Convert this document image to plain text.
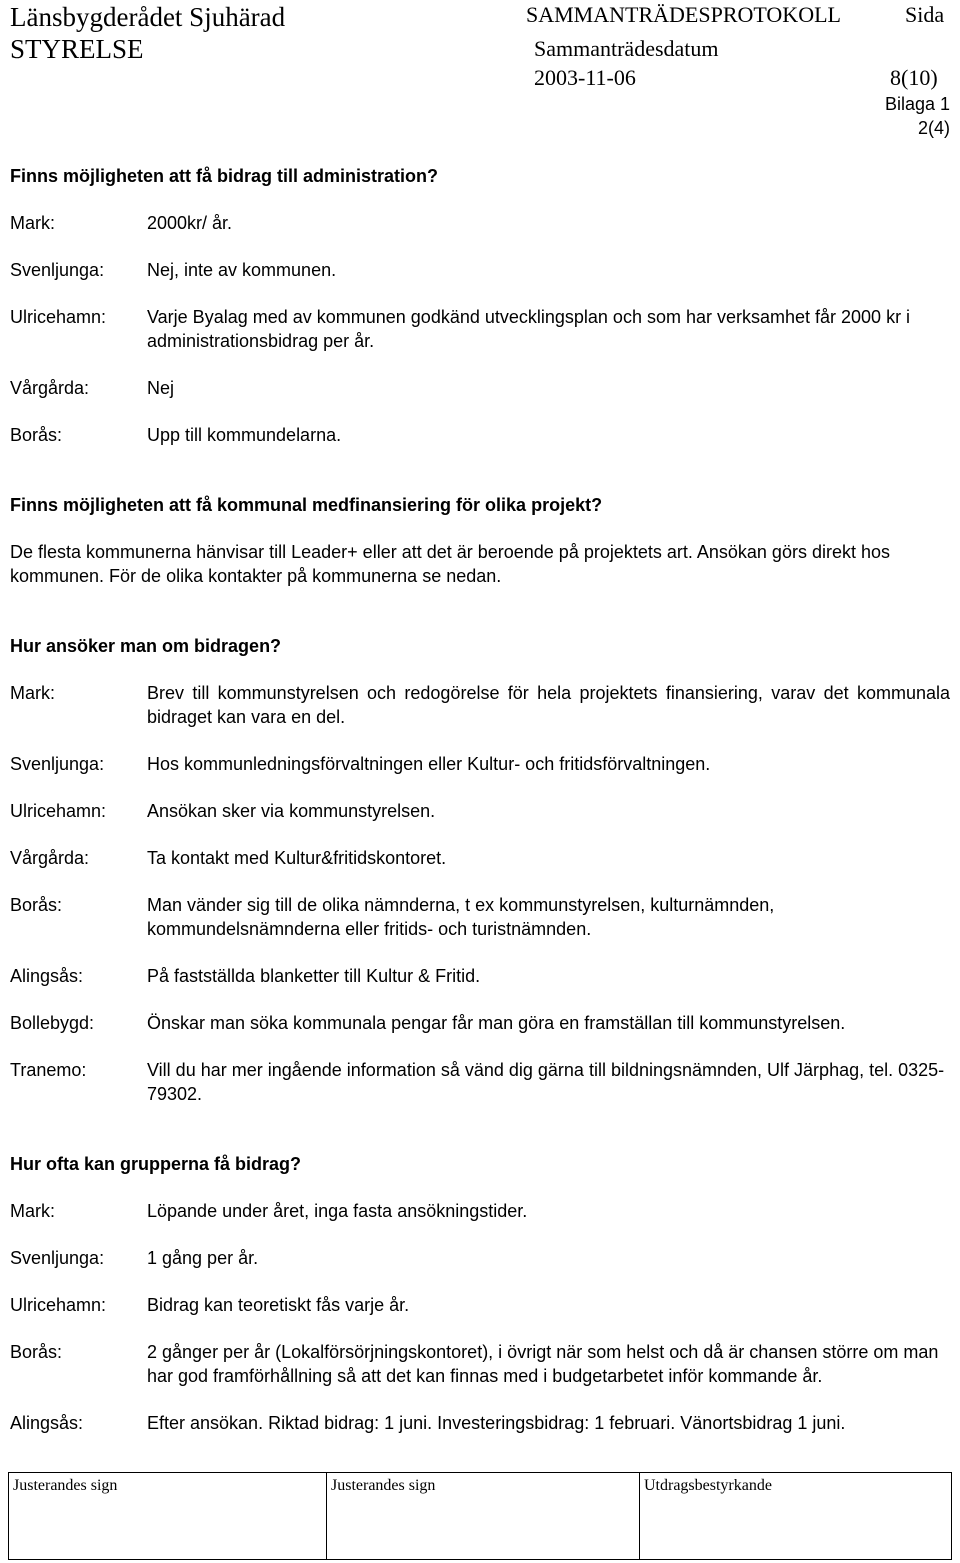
Länsbygderådet Sjuhärad
STYRELSE
SAMMANTRÄDESPROTOKOLL	Sida
Sammanträdesdatum
2003-11-06	8(10)
Bilaga 1
2(4)

Finns möjligheten att få bidrag till administration?

Mark:	2000kr/ år.
Svenljunga:	Nej, inte av kommunen.
Ulricehamn:	Varje Byalag med av kommunen godkänd utvecklingsplan och som har verksamhet får 2000 kr i administrationsbidrag per år.
Vårgårda:	Nej
Borås:	Upp till kommundelarna.

Finns möjligheten att få kommunal medfinansiering för olika projekt?

De flesta kommunerna hänvisar till Leader+ eller att det är beroende på projektets art. Ansökan görs direkt hos kommunen. För de olika kontakter på kommunerna se nedan.

Hur ansöker man om bidragen?

Mark:	Brev till kommunstyrelsen och redogörelse för hela projektets finansiering, varav det kommunala bidraget kan vara en del.
Svenljunga:	Hos kommunledningsförvaltningen eller Kultur- och fritidsförvaltningen.
Ulricehamn:	Ansökan sker via kommunstyrelsen.
Vårgårda:	Ta kontakt med Kultur&fritidskontoret.
Borås:	Man vänder sig till de olika nämnderna, t ex kommunstyrelsen, kulturnämnden, kommundelsnämnderna eller fritids- och turistnämnden.
Alingsås:	På fastställda blanketter till Kultur & Fritid.
Bollebygd:	Önskar man söka kommunala pengar får man göra en framställan till kommunstyrelsen.
Tranemo:	Vill du har mer ingående information så vänd dig gärna till bildningsnämnden, Ulf Järphag, tel. 0325-79302.

Hur ofta kan grupperna få bidrag?

Mark:	Löpande under året, inga fasta ansökningstider.
Svenljunga:	1 gång per år.
Ulricehamn:	Bidrag kan teoretiskt fås varje år.
Borås:	2 gånger per år (Lokalförsörjningskontoret), i övrigt när som helst och då är chansen större om man har god framförhållning så att det kan finnas med i budgetarbetet inför kommande år.
Alingsås:	Efter ansökan. Riktad bidrag: 1 juni. Investeringsbidrag: 1 februari. Vänortsbidrag 1 juni.
Justerandes sign	Justerandes sign	Utdragsbestyrkande
